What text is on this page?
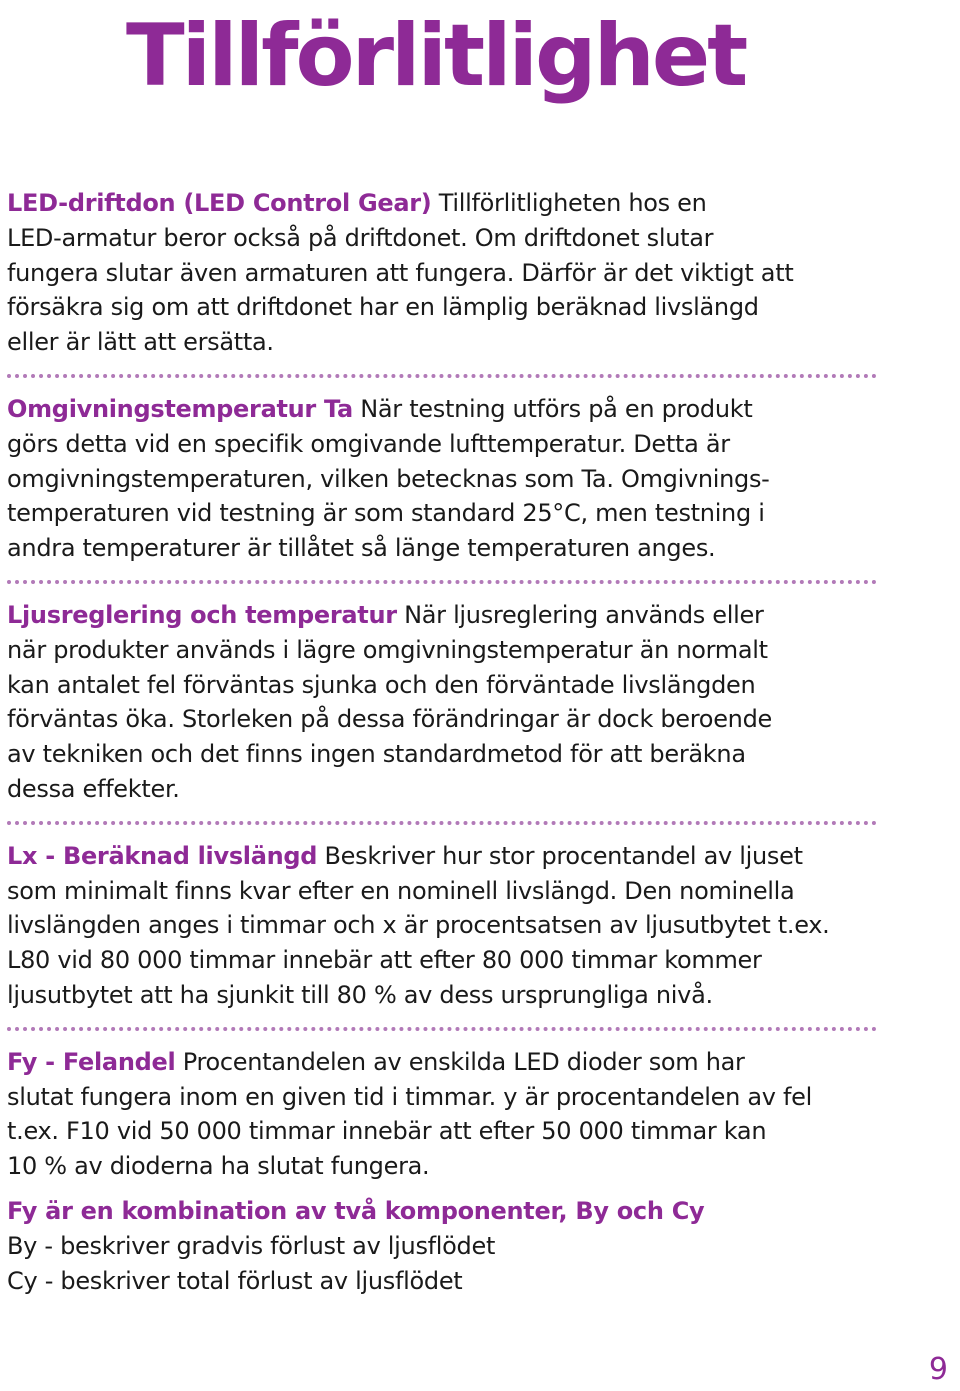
Tillförlitlighet

LED-driftdon (LED Control Gear) Tillförlitligheten hos en

LED-armatur beror också på driftdonet. Om driftdonet slutar

fungera slutar även armaturen att fungera. Därför är det viktigt att

försäkra sig om att driftdonet har en lämplig beräknad livslängd

eller är lätt att ersätta.

Omgivningstemperatur Ta När testning utförs på en produkt

görs detta vid en specifik omgivande lufttemperatur. Detta är

omgivningstemperaturen, vilken betecknas som Ta. Omgivnings-

temperaturen vid testning är som standard 25°C, men testning i

andra temperaturer är tillåtet så länge temperaturen anges.

Ljusreglering och temperatur När ljusreglering används eller

när produkter används i lägre omgivningstemperatur än normalt

kan antalet fel förväntas sjunka och den förväntade livslängden

förväntas öka. Storleken på dessa förändringar är dock beroende

av tekniken och det finns ingen standardmetod för att beräkna

dessa effekter.

Lx - Beräknad livslängd Beskriver hur stor procentandel av ljuset

som minimalt finns kvar efter en nominell livslängd. Den nominella

livslängden anges i timmar och x är procentsatsen av ljusutbytet t.ex.

L80 vid 80 000 timmar innebär att efter 80 000 timmar kommer

ljusutbytet att ha sjunkit till 80 % av dess ursprungliga nivå.

Fy - Felandel Procentandelen av enskilda LED dioder som har

slutat fungera inom en given tid i timmar. y är procentandelen av fel

t.ex. F10 vid 50 000 timmar innebär att efter 50 000 timmar kan

10 % av dioderna ha slutat fungera.

Fy är en kombination av två komponenter, By och Cy

By - beskriver gradvis förlust av ljusflödet

Cy - beskriver total förlust av ljusflödet

9
